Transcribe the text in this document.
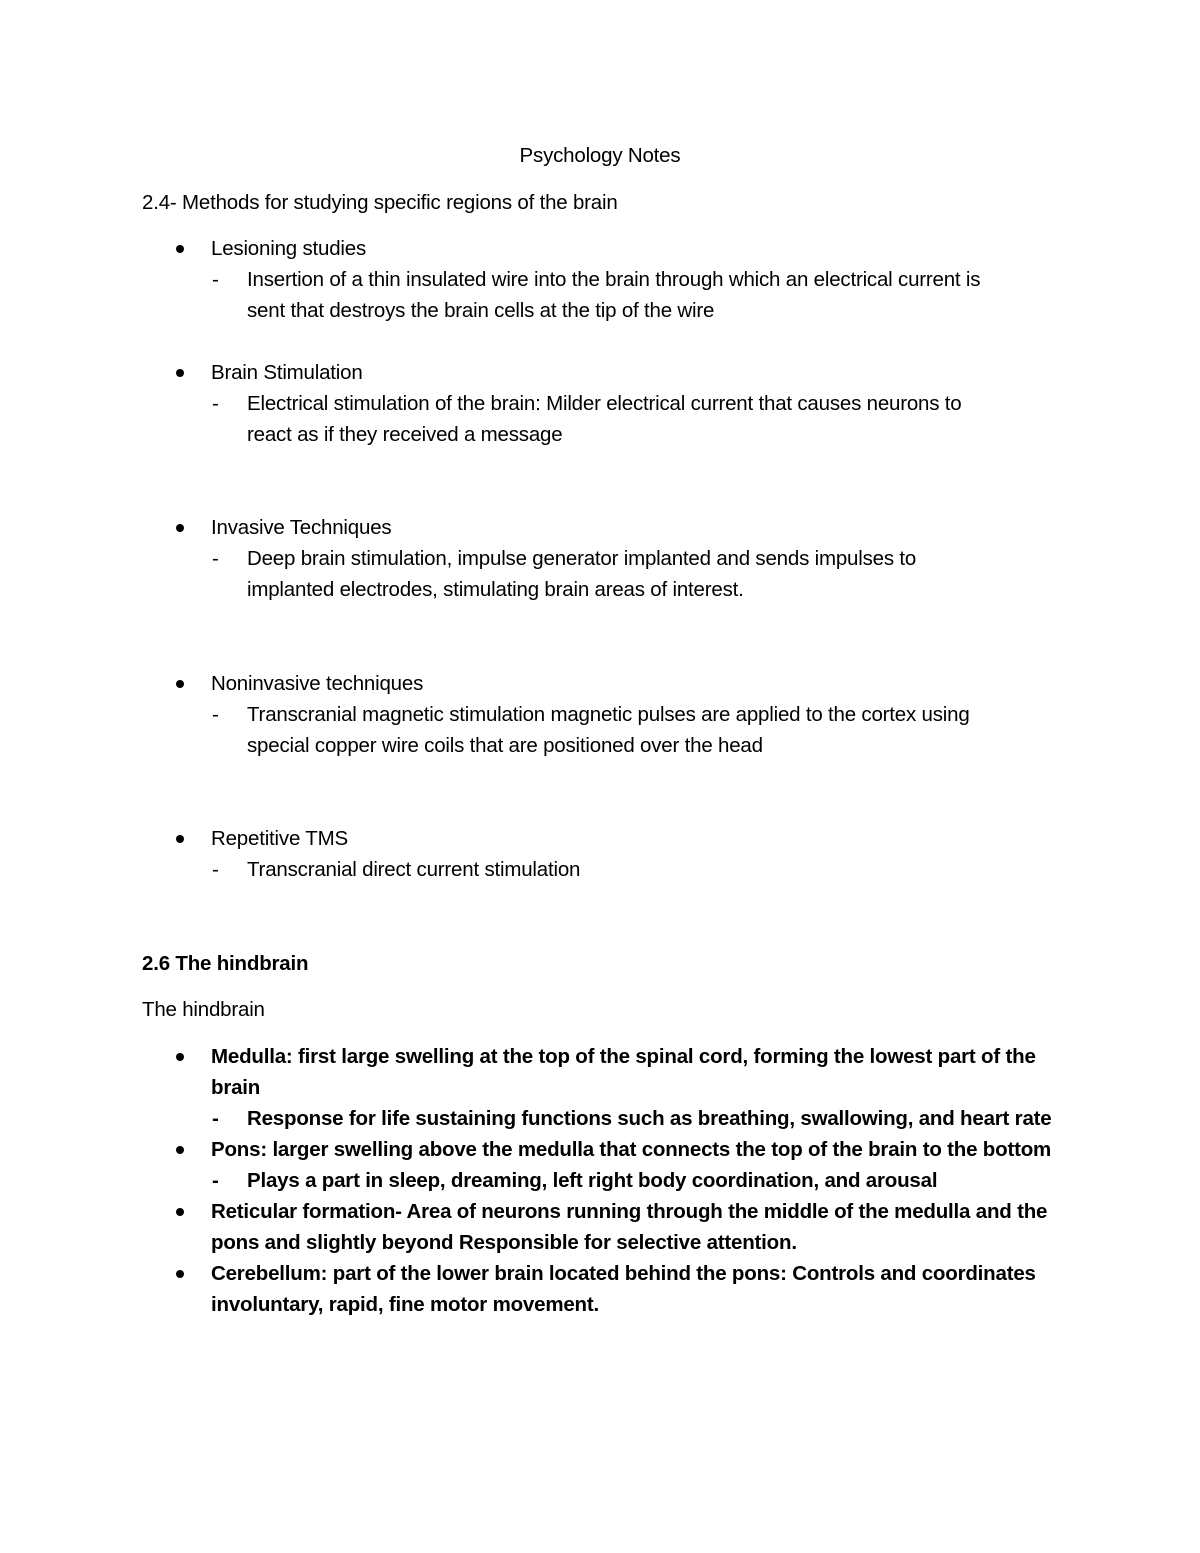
Psychology Notes
2.4- Methods for studying specific regions of the brain
Lesioning studies
- Insertion of a thin insulated wire into the brain through which an electrical current is
sent that destroys the brain cells at the tip of the wire
Brain Stimulation
- Electrical stimulation of the brain: Milder electrical current that causes neurons to
react as if they received a message
Invasive Techniques
- Deep brain stimulation, impulse generator implanted and sends impulses to
implanted electrodes, stimulating brain areas of interest.
Noninvasive techniques
- Transcranial magnetic stimulation magnetic pulses are applied to the cortex using
special copper wire coils that are positioned over the head
Repetitive TMS
- Transcranial direct current stimulation
2.6 The hindbrain
The hindbrain
Medulla: first large swelling at the top of the spinal cord, forming the lowest part of the
brain
- Response for life sustaining functions such as breathing, swallowing, and heart rate
Pons: larger swelling above the medulla that connects the top of the brain to the bottom
- Plays a part in sleep, dreaming, left right body coordination, and arousal
Reticular formation- Area of neurons running through the middle of the medulla and the
pons and slightly beyond Responsible for selective attention.
Cerebellum: part of the lower brain located behind the pons: Controls and coordinates
involuntary, rapid, fine motor movement.
